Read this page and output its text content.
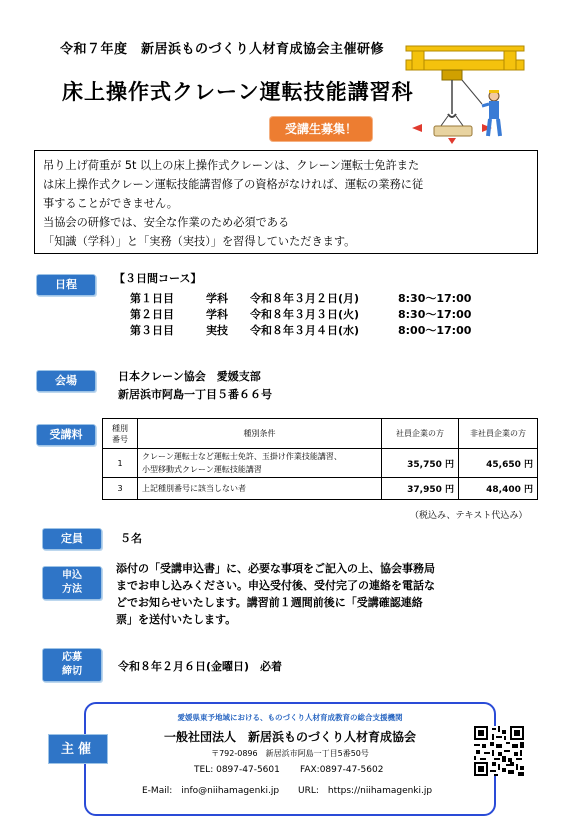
令和７年度　新居浜ものづくり人材育成協会主催研修
床上操作式クレーン運転技能講習科
受講生募集！
吊り上げ荷重が 5t 以上の床上操作式クレーンは、クレーン運転士免許また
は床上操作式クレーン運転技能講習修了の資格がなければ、運転の業務に従
事することができません。
当協会の研修では、安全な作業のため必須である
「知識（学科）」と「実務（実技）」を習得していただきます。
日程	【３日間コース】
第１日目	学科 令和８年３月２日(月)	8:30～17:00
第２日目	学科 令和８年３月３日(火)	8:30～17:00
第３日目	実技 令和８年３月４日(水)	8:00～17:00
会場	日本クレーン協会　愛媛支部
新居浜市阿島一丁目５番６６号
受講料	種別
番号	種別条件	社員企業の方	非社員企業の方
1	クレーン運転士など運転士免許、玉掛け作業技能講習、
小型移動式クレーン運転技能講習	35,750 円	45,650 円
3	上記種別番号に該当しない者	37,950 円	48,400 円
（税込み、テキスト代込み）
定員	５名
申込
方法
添付の「受講申込書」に、必要な事項をご記入の上、協会事務局
までお申し込みください。申込受付後、受付完了の連絡を電話な
どでお知らせいたします。講習前１週間前後に「受講確認連絡
票」を送付いたします。
応募
締切	令和８年２月６日(金曜日)　必着
主催
愛媛県東予地域における、ものづくり人材育成教育の総合支援機関
一般社団法人　新居浜ものづくり人材育成協会
〒792-0896　新居浜市阿島一丁目5番50号
TEL: 0897-47-5601 FAX:0897-47-5602
E-Mail:　info@niihamagenki.jp URL:　https://niihamagenki.jp
